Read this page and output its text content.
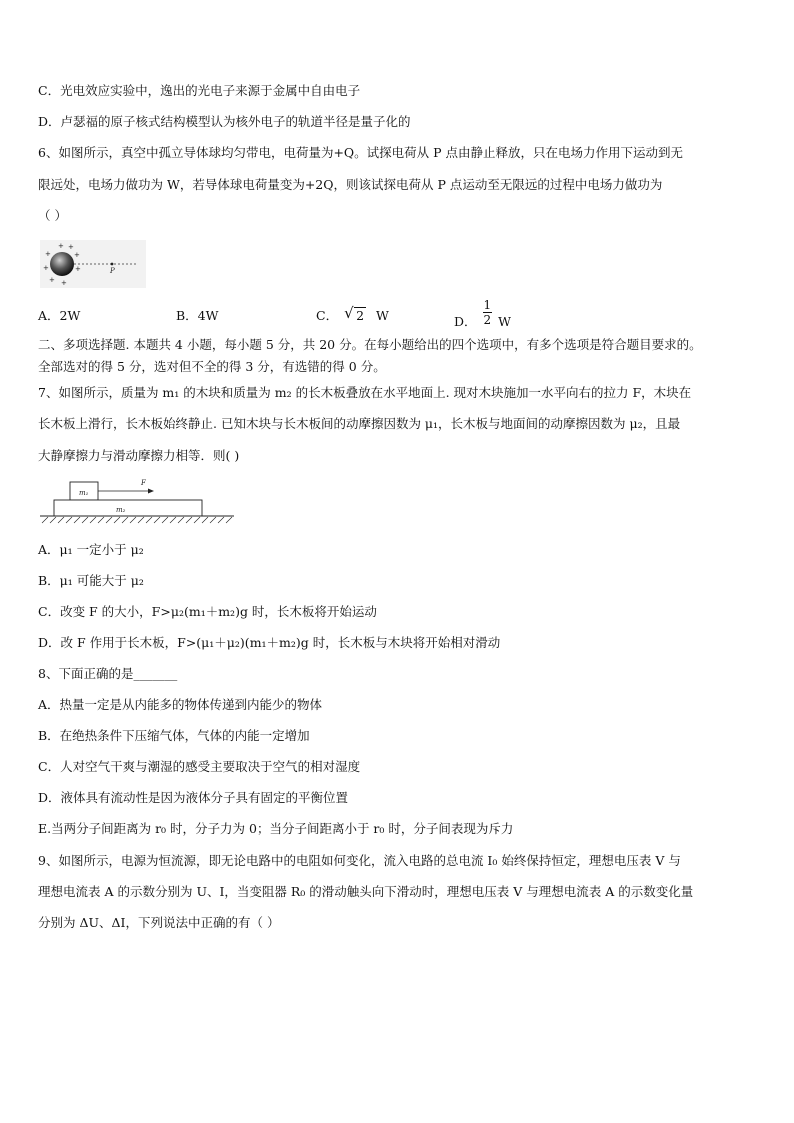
C．光电效应实验中，逸出的光电子来源于金属中自由电子
D．卢瑟福的原子核式结构模型认为核外电子的轨道半径是量子化的
6、如图所示，真空中孤立导体球均匀带电，电荷量为+Q。试探电荷从 P 点由静止释放，只在电场力作用下运动到无
限远处，电场力做功为 W，若导体球电荷量变为+2Q，则该试探电荷从 P 点运动至无限远的过程中电场力做功为
（ ）
+ +
+	+
+	+
+ +
P
A．2W	B．4W	C． √ 2 W	D． $\frac{1}{2}$ W
二、多项选择题. 本题共 4 小题，每小题 5 分，共 20 分。在每小题给出的四个选项中，有多个选项是符合题目要求的。
全部选对的得 5 分，选对但不全的得 3 分，有选错的得 0 分。
7、如图所示，质量为 m₁ 的木块和质量为 m₂ 的长木板叠放在水平地面上. 现对木块施加一水平向右的拉力 F，木块在
长木板上滑行，长木板始终静止. 已知木块与长木板间的动摩擦因数为 μ₁，长木板与地面间的动摩擦因数为 μ₂，且最
大静摩擦力与滑动摩擦力相等．则( )
m₁
F
m₂
A．μ₁ 一定小于 μ₂
B．μ₁ 可能大于 μ₂
C．改变 F 的大小，F>μ₂(m₁＋m₂)g 时，长木板将开始运动
D．改 F 作用于长木板，F>(μ₁＋μ₂)(m₁＋m₂)g 时，长木板与木块将开始相对滑动
8、下面正确的是_______
A．热量一定是从内能多的物体传递到内能少的物体
B．在绝热条件下压缩气体，气体的内能一定增加
C．人对空气干爽与潮湿的感受主要取决于空气的相对湿度
D．液体具有流动性是因为液体分子具有固定的平衡位置
E.当两分子间距离为 r₀ 时，分子力为 0；当分子间距离小于 r₀ 时，分子间表现为斥力
9、如图所示，电源为恒流源，即无论电路中的电阻如何变化，流入电路的总电流 I₀ 始终保持恒定，理想电压表 V 与
理想电流表 A 的示数分别为 U、I，当变阻器 R₀ 的滑动触头向下滑动时，理想电压表 V 与理想电流表 A 的示数变化量
分别为 ΔU、ΔI，下列说法中正确的有（ ）
